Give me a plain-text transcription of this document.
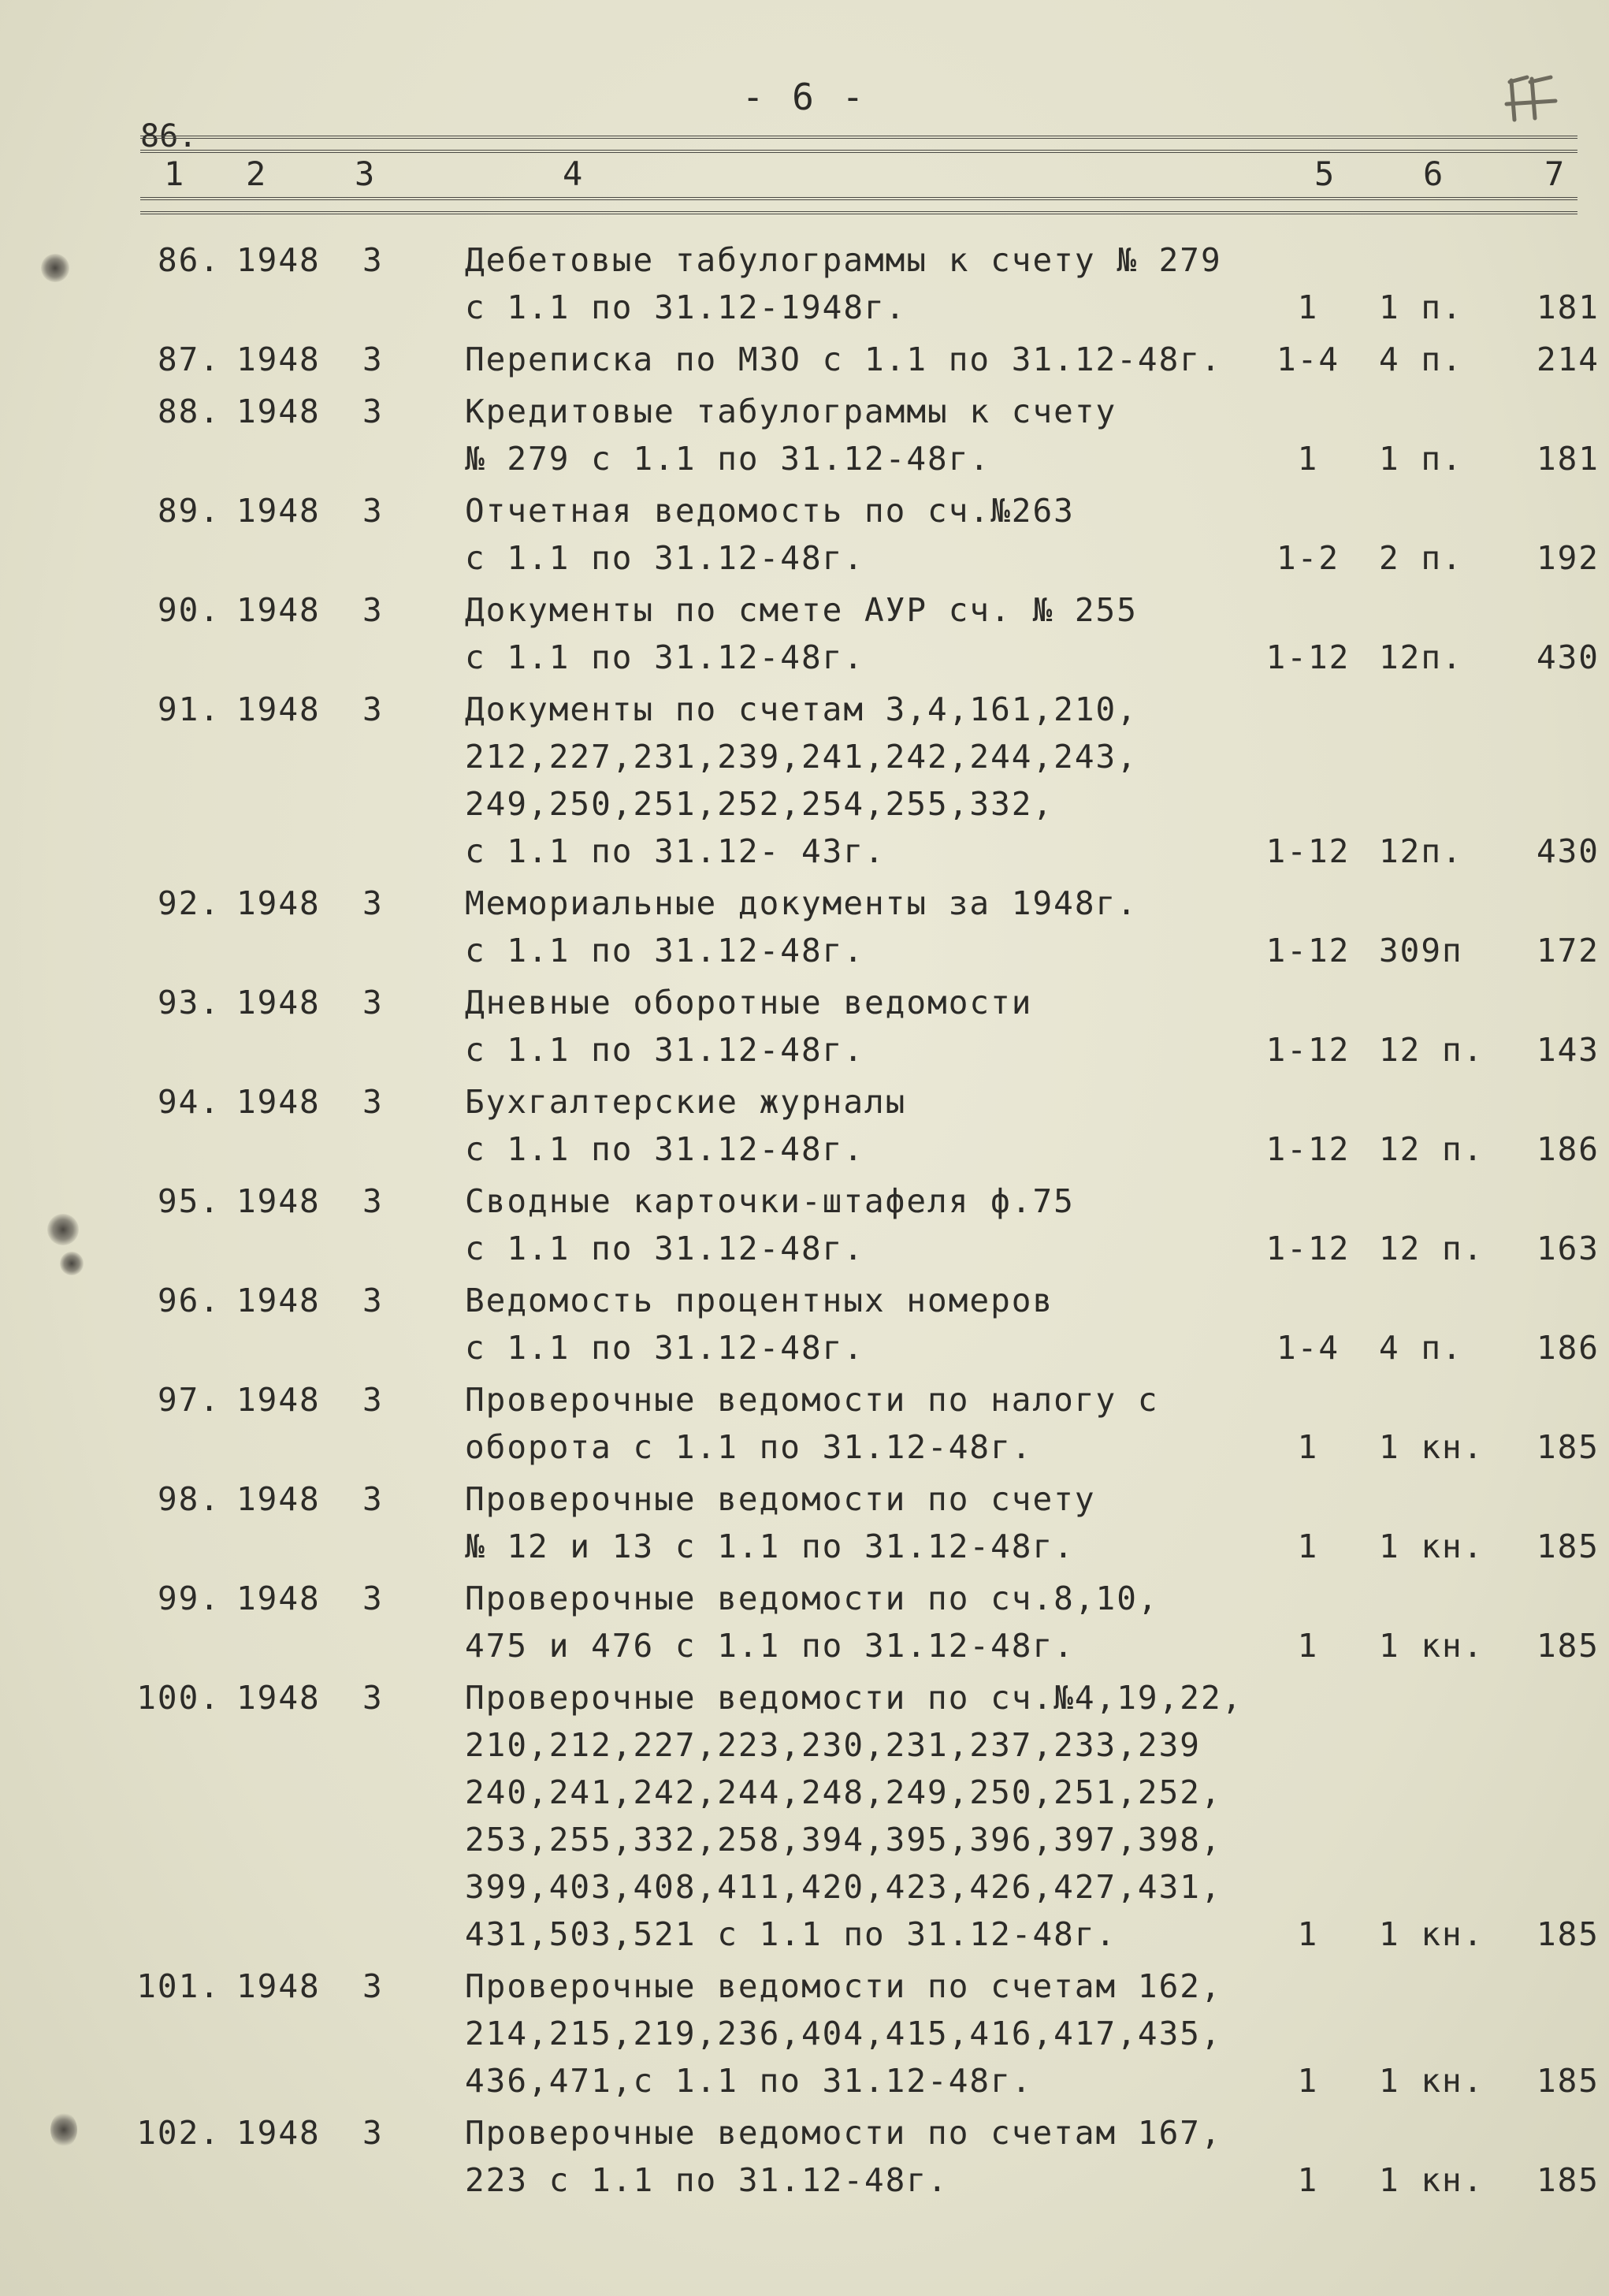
- 6 -
86.
1 2	3	4	5	6	7
86. 1948 3	Дебетовые табулограммы к счету № 279
с 1.1 по 31.12-1948г.	1	1 п.	181
87. 1948 3	Переписка по МЗО с 1.1 по 31.12-48г.	1-4	4 п.	214
88. 1948 3	Кредитовые табулограммы к счету
№ 279 с 1.1 по 31.12-48г.	1	1 п.	181
89. 1948 3	Отчетная ведомость по сч.№263
с 1.1 по 31.12-48г.	1-2	2 п.	192
90. 1948 3	Документы по смете АУР сч. № 255
с 1.1 по 31.12-48г.	1-12 12п.	430
91. 1948 3	Документы по счетам 3,4,161,210,
212,227,231,239,241,242,244,243,
249,250,251,252,254,255,332,
с 1.1 по 31.12- 43г.	1-12 12п.	430
92. 1948 3	Мемориальные документы за 1948г.
с 1.1 по 31.12-48г.	1-12 309п	172
93. 1948 3	Дневные оборотные ведомости
с 1.1 по 31.12-48г.	1-12 12 п.	143
94. 1948 3	Бухгалтерские журналы
с 1.1 по 31.12-48г.	1-12 12 п.	186
95. 1948 3	Сводные карточки-штафеля ф.75
с 1.1 по 31.12-48г.	1-12 12 п.	163
96. 1948 3	Ведомость процентных номеров
с 1.1 по 31.12-48г.	1-4	4 п.	186
97. 1948 3	Проверочные ведомости по налогу с
оборота с 1.1 по 31.12-48г.	1	1 кн.	185
98. 1948 3	Проверочные ведомости по счету
№ 12 и 13 с 1.1 по 31.12-48г.	1	1 кн.	185
99. 1948 3	Проверочные ведомости по сч.8,10,
475 и 476 с 1.1 по 31.12-48г.	1	1 кн.	185
100. 1948 3	Проверочные ведомости по сч.№4,19,22,
210,212,227,223,230,231,237,233,239
240,241,242,244,248,249,250,251,252,
253,255,332,258,394,395,396,397,398,
399,403,408,411,420,423,426,427,431,
431,503,521 с 1.1 по 31.12-48г.	1	1 кн.	185
101. 1948 3	Проверочные ведомости по счетам 162,
214,215,219,236,404,415,416,417,435,
436,471,с 1.1 по 31.12-48г.	1	1 кн.	185
102. 1948 3	Проверочные ведомости по счетам 167,
223 с 1.1 по 31.12-48г.	1	1 кн.	185
